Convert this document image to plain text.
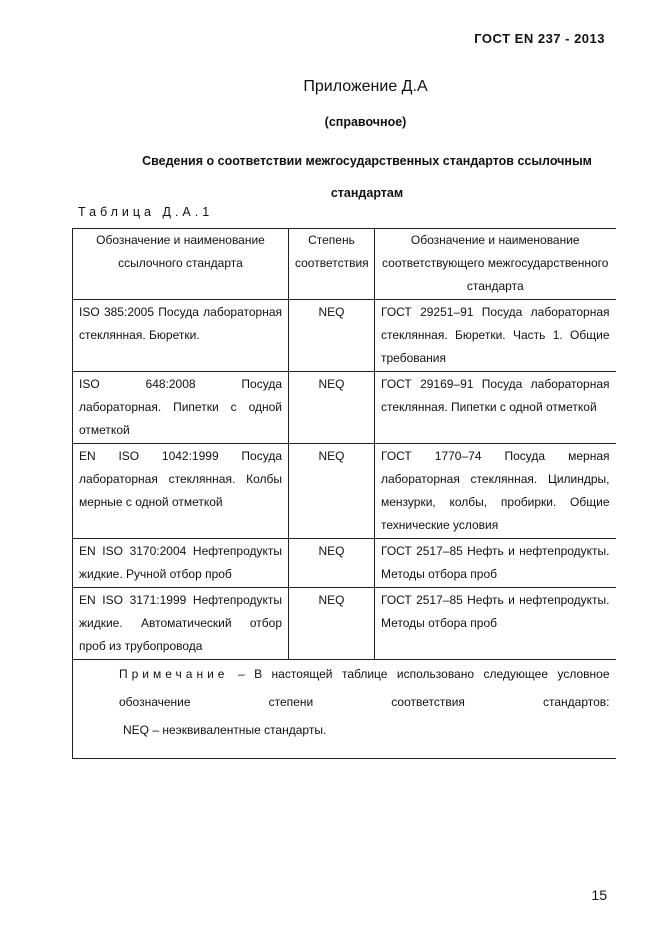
ГОСТ EN 237 - 2013
Приложение Д.А
(справочное)
Сведения о соответствии межгосударственных стандартов ссылочным стандартам
Таблица Д.А.1
Обозначение и наименование ссылочного стандарта	Степень соответствия	Обозначение и наименование соответствующего межгосударственного стандарта
ISO 385:2005 Посуда лабораторная стеклянная. Бюретки.	NEQ	ГОСТ 29251–91 Посуда лабораторная стеклянная. Бюретки. Часть 1. Общие требования
ISO 648:2008 Посуда лабораторная. Пипетки с одной отметкой	NEQ	ГОСТ 29169–91 Посуда лабораторная стеклянная. Пипетки с одной отметкой
EN ISO 1042:1999 Посуда лабораторная стеклянная. Колбы мерные с одной отметкой	NEQ	ГОСТ 1770–74 Посуда мерная лабораторная стеклянная. Цилиндры, мензурки, колбы, пробирки. Общие технические условия
EN ISO 3170:2004 Нефтепродукты жидкие. Ручной отбор проб	NEQ	ГОСТ 2517–85 Нефть и нефтепродукты. Методы отбора проб
EN ISO 3171:1999 Нефтепродукты жидкие. Автоматический отбор проб из трубопровода	NEQ	ГОСТ 2517–85 Нефть и нефтепродукты. Методы отбора проб

Примечание – В настоящей таблице использовано следующее условное обозначение степени соответствия стандартов:
NEQ – неэквивалентные стандарты.		
15
